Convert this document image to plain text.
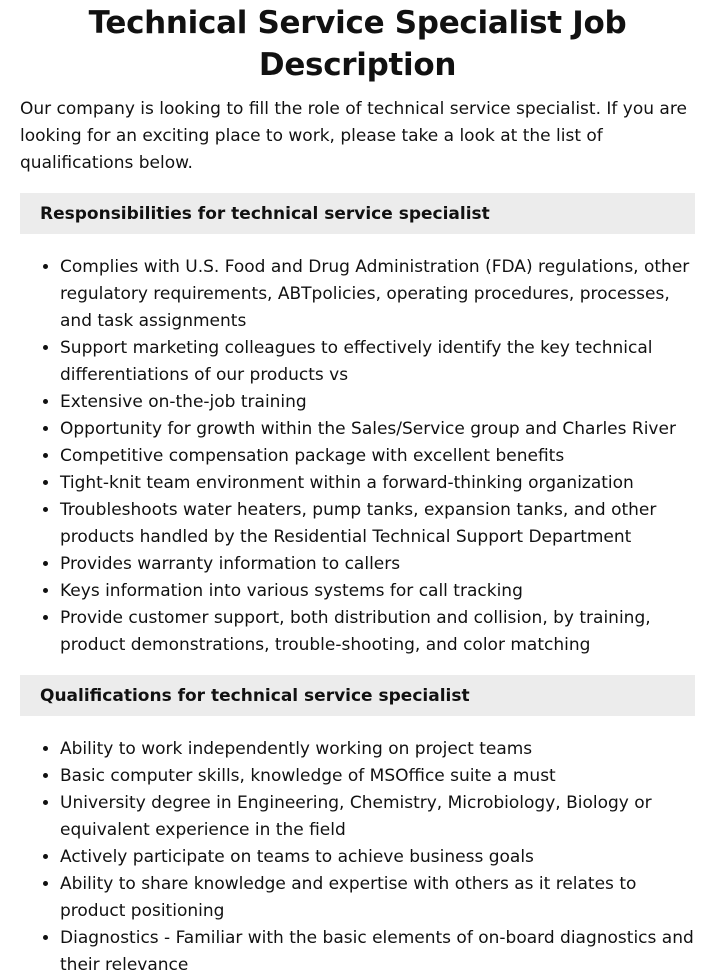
Technical Service Specialist Job Description

Our company is looking to fill the role of technical service specialist. If you are looking for an exciting place to work, please take a look at the list of qualifications below.

Responsibilities for technical service specialist
• Complies with U.S. Food and Drug Administration (FDA) regulations, other regulatory requirements, ABTpolicies, operating procedures, processes, and task assignments
• Support marketing colleagues to effectively identify the key technical differentiations of our products vs
• Extensive on-the-job training
• Opportunity for growth within the Sales/Service group and Charles River
• Competitive compensation package with excellent benefits
• Tight-knit team environment within a forward-thinking organization
• Troubleshoots water heaters, pump tanks, expansion tanks, and other products handled by the Residential Technical Support Department
• Provides warranty information to callers
• Keys information into various systems for call tracking
• Provide customer support, both distribution and collision, by training, product demonstrations, trouble-shooting, and color matching
Qualifications for technical service specialist
• Ability to work independently working on project teams
• Basic computer skills, knowledge of MSOffice suite a must
• University degree in Engineering, Chemistry, Microbiology, Biology or equivalent experience in the field
• Actively participate on teams to achieve business goals
• Ability to share knowledge and expertise with others as it relates to product positioning
• Diagnostics - Familiar with the basic elements of on-board diagnostics and their relevance
